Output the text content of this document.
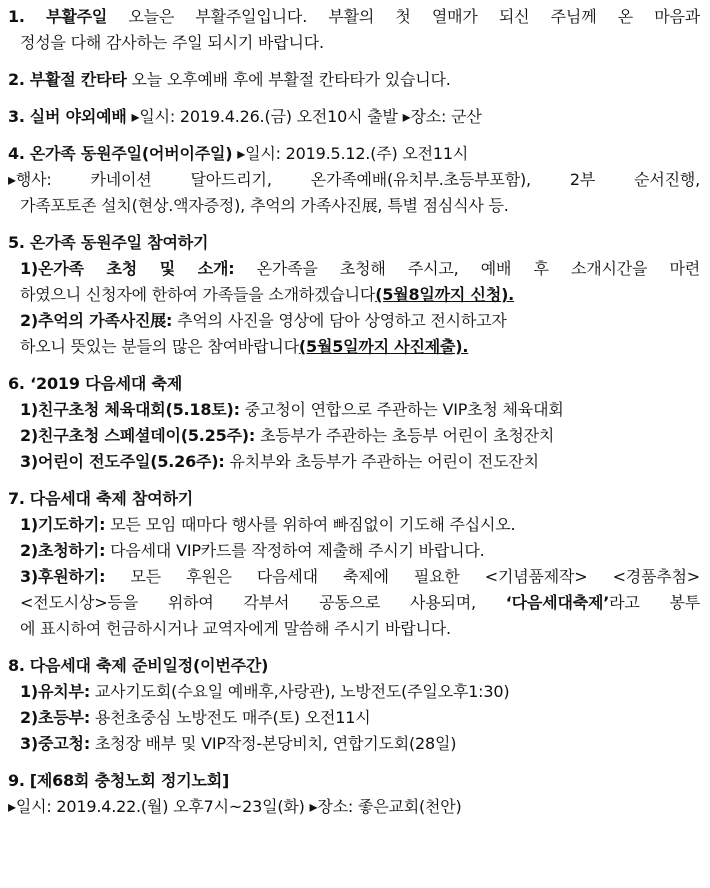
1. 부활주일 오늘은 부활주일입니다. 부활의 첫 열매가 되신 주님께 온 마음과
정성을 다해 감사하는 주일 되시기 바랍니다.
2. 부활절 칸타타 오늘 오후예배 후에 부활절 칸타타가 있습니다.
3. 실버 야외예배 ▸일시: 2019.4.26.(금) 오전10시 출발 ▸장소: 군산
4. 온가족 동원주일(어버이주일) ▸일시: 2019.5.12.(주) 오전11시
▸행사: 카네이션 달아드리기, 온가족예배(유치부.초등부포함), 2부 순서진행,
가족포토존 설치(현상.액자증정), 추억의 가족사진展, 특별 점심식사 등.
5. 온가족 동원주일 참여하기
1)온가족 초청 및 소개: 온가족을 초청해 주시고, 예배 후 소개시간을 마련
하였으니 신청자에 한하여 가족들을 소개하겠습니다(5월8일까지 신청).
2)추억의 가족사진展: 추억의 사진을 영상에 담아 상영하고 전시하고자
하오니 뜻있는 분들의 많은 참여바랍니다(5월5일까지 사진제출).
6. ‘2019 다음세대 축제
1)친구초청 체육대회(5.18토): 중고청이 연합으로 주관하는 VIP초청 체육대회
2)친구초청 스페셜데이(5.25주): 초등부가 주관하는 초등부 어린이 초청잔치
3)어린이 전도주일(5.26주): 유치부와 초등부가 주관하는 어린이 전도잔치
7. 다음세대 축제 참여하기
1)기도하기: 모든 모임 때마다 행사를 위하여 빠짐없이 기도해 주십시오.
2)초청하기: 다음세대 VIP카드를 작정하여 제출해 주시기 바랍니다.
3)후원하기: 모든 후원은 다음세대 축제에 필요한 <기념품제작> <경품추첨>
<전도시상>등을 위하여 각부서 공동으로 사용되며, ‘다음세대축제’라고 봉투
에 표시하여 헌금하시거나 교역자에게 말씀해 주시기 바랍니다.
8. 다음세대 축제 준비일정(이번주간)
1)유치부: 교사기도회(수요일 예배후,사랑관), 노방전도(주일오후1:30)
2)초등부: 용천초중심 노방전도 매주(토) 오전11시
3)중고청: 초청장 배부 및 VIP작정-본당비치, 연합기도회(28일)
9. [제68회 충청노회 정기노회]
▸일시: 2019.4.22.(월) 오후7시~23일(화) ▸장소: 좋은교회(천안)
